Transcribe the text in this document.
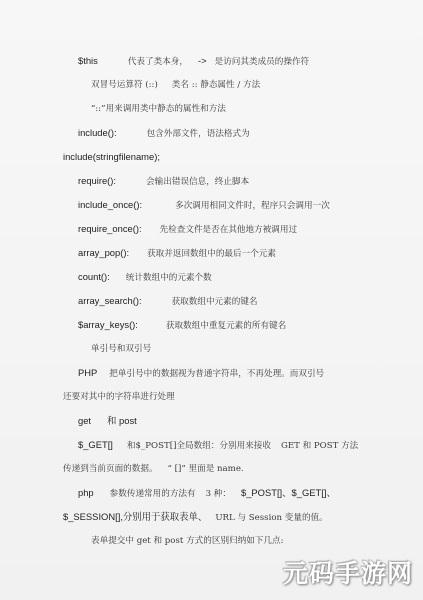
$this	代表了类本身， -> 是访问其类成员的操作符
双冒号运算符 (::) 类名 :: 静态属性 / 方法
“::”用来调用类中静态的属性和方法
include():	包含外部文件，语法格式为
include(stringfilename);
require():	会输出错误信息，终止脚本
include_once():	多次调用相同文件时，程序只会调用一次
require_once(): 先检查文件是否在其他地方被调用过
array_pop(): 获取并返回数组中的最后一个元素
count(): 统计数组中的元素个数
array_search():	获取数组中元素的键名
$array_keys():	获取数组中重复元素的所有键名
单引号和双引号
PHP 把单引号中的数据视为普通字符串，不再处理。而双引号
还要对其中的字符串进行处理
get 和 post
$_GET[] 和$_POST[]全局数组：分别用来接收 GET 和 POST 方法
传递到当前页面的数据。 “ []” 里面是 name.
php 参数传递常用的方法有 3 种： $_POST[]、$_GET[]、
$_SESSION[],分别用于获取表单、 URL 与 Session 变量的值。
表单提交中 get 和 post 方式的区别归纳如下几点:
元码手游网
